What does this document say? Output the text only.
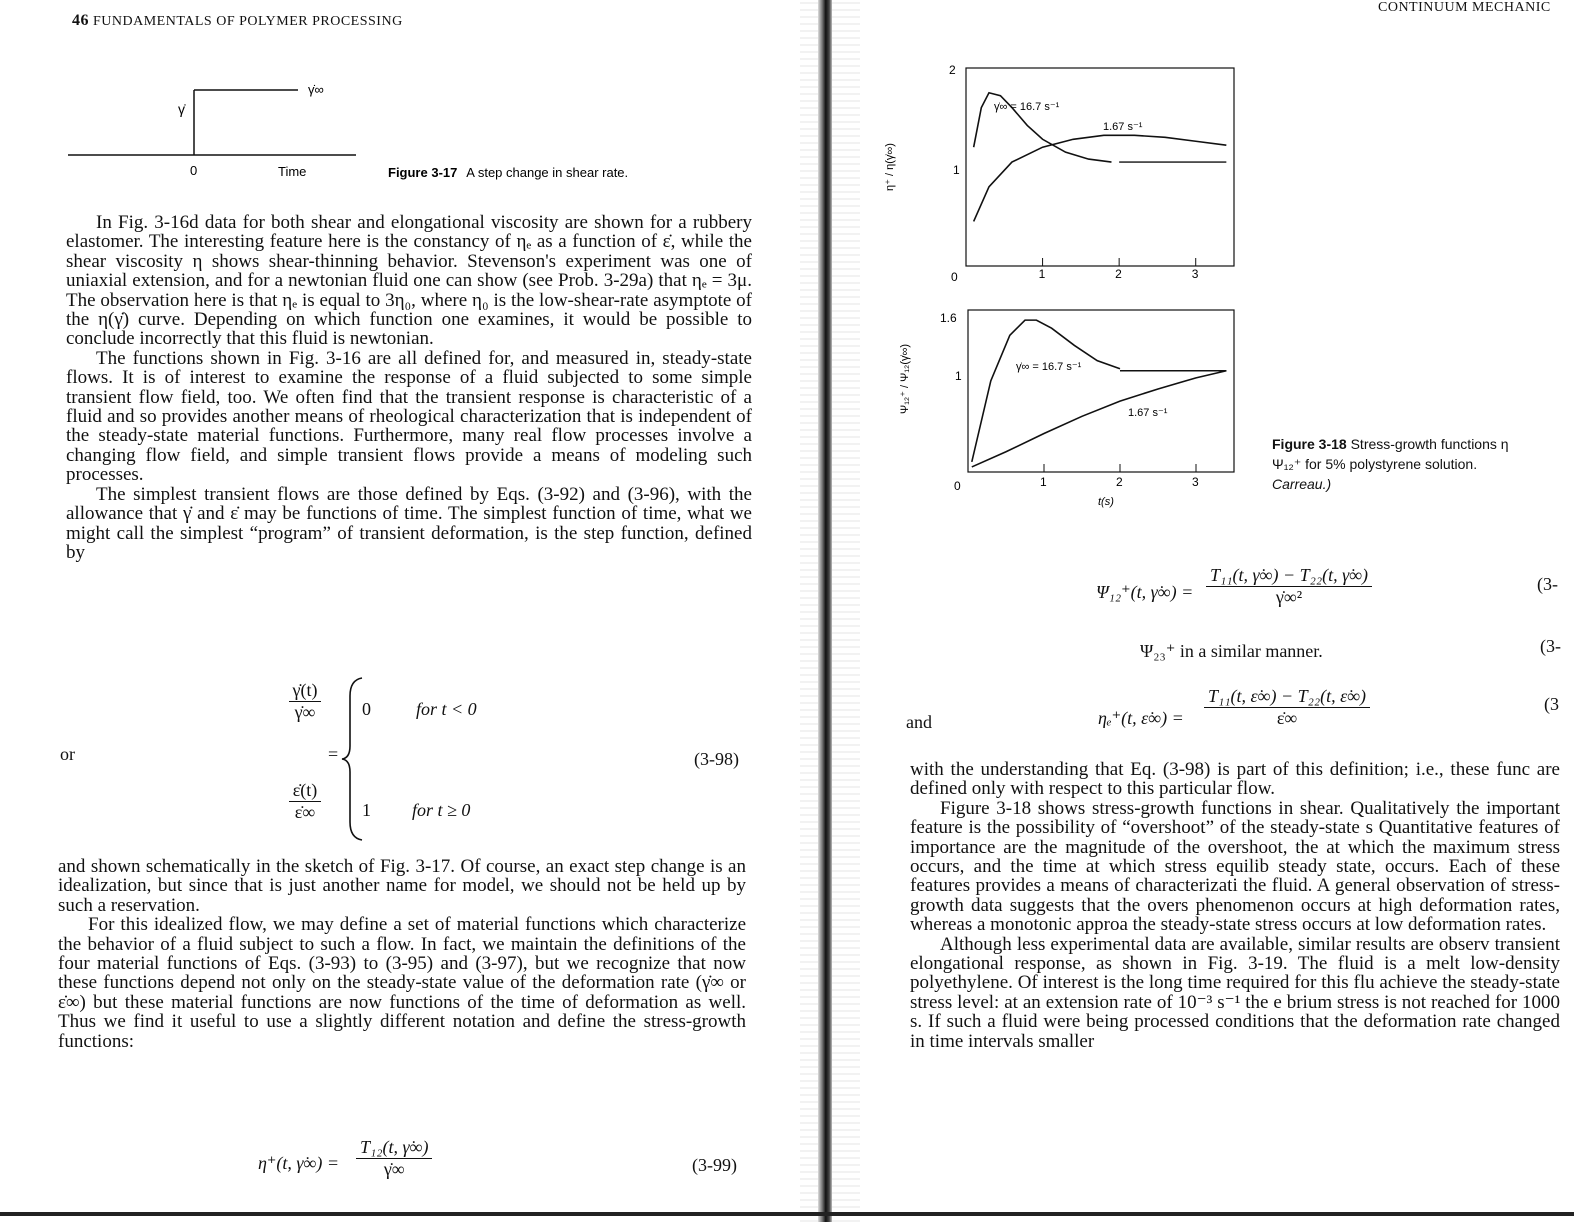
46 FUNDAMENTALS OF POLYMER PROCESSING
γ̇
γ̇∞
0	Time	Figure 3-17 A step change in shear rate.

In Fig. 3-16d data for both shear and elongational viscosity are shown for a rubbery elastomer. The interesting feature here is the constancy of ηₑ as a function of ε̇, while the shear viscosity η shows shear-thinning behavior. Stevenson's experiment was one of uniaxial extension, and for a newtonian fluid one can show (see Prob. 3-29a) that ηₑ = 3μ. The observation here is that ηₑ is equal to 3η₀, where η₀ is the low-shear-rate asymptote of the η(γ̇) curve. Depending on which function one examines, it would be possible to conclude incorrectly that this fluid is newtonian.

The functions shown in Fig. 3-16 are all defined for, and measured in, steady-state flows. It is of interest to examine the response of a fluid subjected to some simple transient flow field, too. We often find that the transient response is characteristic of a fluid and so provides another means of rheological characterization that is independent of the steady-state material functions. Furthermore, many real flow processes involve a changing flow field, and simple transient flows provide a means of modeling such processes.

The simplest transient flows are those defined by Eqs. (3-92) and (3-96), with the allowance that γ̇ and ε̇ may be functions of time. The simplest function of time, what we might call the simplest “program” of transient deformation, is the step function, defined by

or
$\frac{\gammȧ(t)}{\gammȧ\infty}$
$\frac{\varepsiloṅ(t)}{\varepsiloṅ\infty}$
=
0	for t < 0
1 for t ≥ 0
(3-98)

and shown schematically in the sketch of Fig. 3-17. Of course, an exact step change is an idealization, but since that is just another name for model, we should not be held up by such a reservation.

For this idealized flow, we may define a set of material functions which characterize the behavior of a fluid subject to such a flow. In fact, we maintain the definitions of the four material functions of Eqs. (3-93) to (3-95) and (3-97), but we recognize that now these functions depend not only on the steady-state value of the deformation rate (γ̇∞ or ε̇∞) but these material functions are now functions of the time of deformation as well. Thus we find it useful to use a slightly different notation and define the stress-growth functions:

η⁺(t, γ̇∞) = $\frac{\text{T₁₂(t, γ̇∞)}}{\gammȧ\infty}$	(3-99)
CONTINUUM MECHANIC
η⁺ / η(γ̇∞)
2
1
0	1	2	3
γ̇∞ = 16.7 s⁻¹
1.67 s⁻¹
Ψ₁₂⁺ / Ψ₁₂(γ̇∞)
1.6
1
0	1	2	3
γ̇∞ = 16.7 s⁻¹
1.67 s⁻¹
t(s)
Figure 3-18 Stress-growth functions η
Ψ₁₂⁺ for 5% polystyrene solution.
Carreau.)
Ψ₁₂⁺(t, γ̇∞) = $\frac{\text{T₁₁(t, γ̇∞) − T₂₂(t, γ̇∞)}}{\text{γ̇∞²}}$	(3-
Ψ₂₃⁺ in a similar manner.	(3-
and	ηₑ⁺(t, ε̇∞) = $\frac{\text{T₁₁(t, ε̇∞) − T₂₂(t, ε̇∞)}}{\varepsiloṅ\infty}$	(3

with the understanding that Eq. (3-98) is part of this definition; i.e., these func are defined only with respect to this particular flow.

Figure 3-18 shows stress-growth functions in shear. Qualitatively the important feature is the possibility of “overshoot” of the steady-state s Quantitative features of importance are the magnitude of the overshoot, the at which the maximum stress occurs, and the time at which stress equilib steady state, occurs. Each of these features provides a means of characterizati the fluid. A general observation of stress-growth data suggests that the overs phenomenon occurs at high deformation rates, whereas a monotonic approa the steady-state stress occurs at low deformation rates.

Although less experimental data are available, similar results are observ transient elongational response, as shown in Fig. 3-19. The fluid is a melt low-density polyethylene. Of interest is the long time required for this flu achieve the steady-state stress level: at an extension rate of 10⁻³ s⁻¹ the e brium stress is not reached for 1000 s. If such a fluid were being processed conditions that the deformation rate changed in time intervals smaller
